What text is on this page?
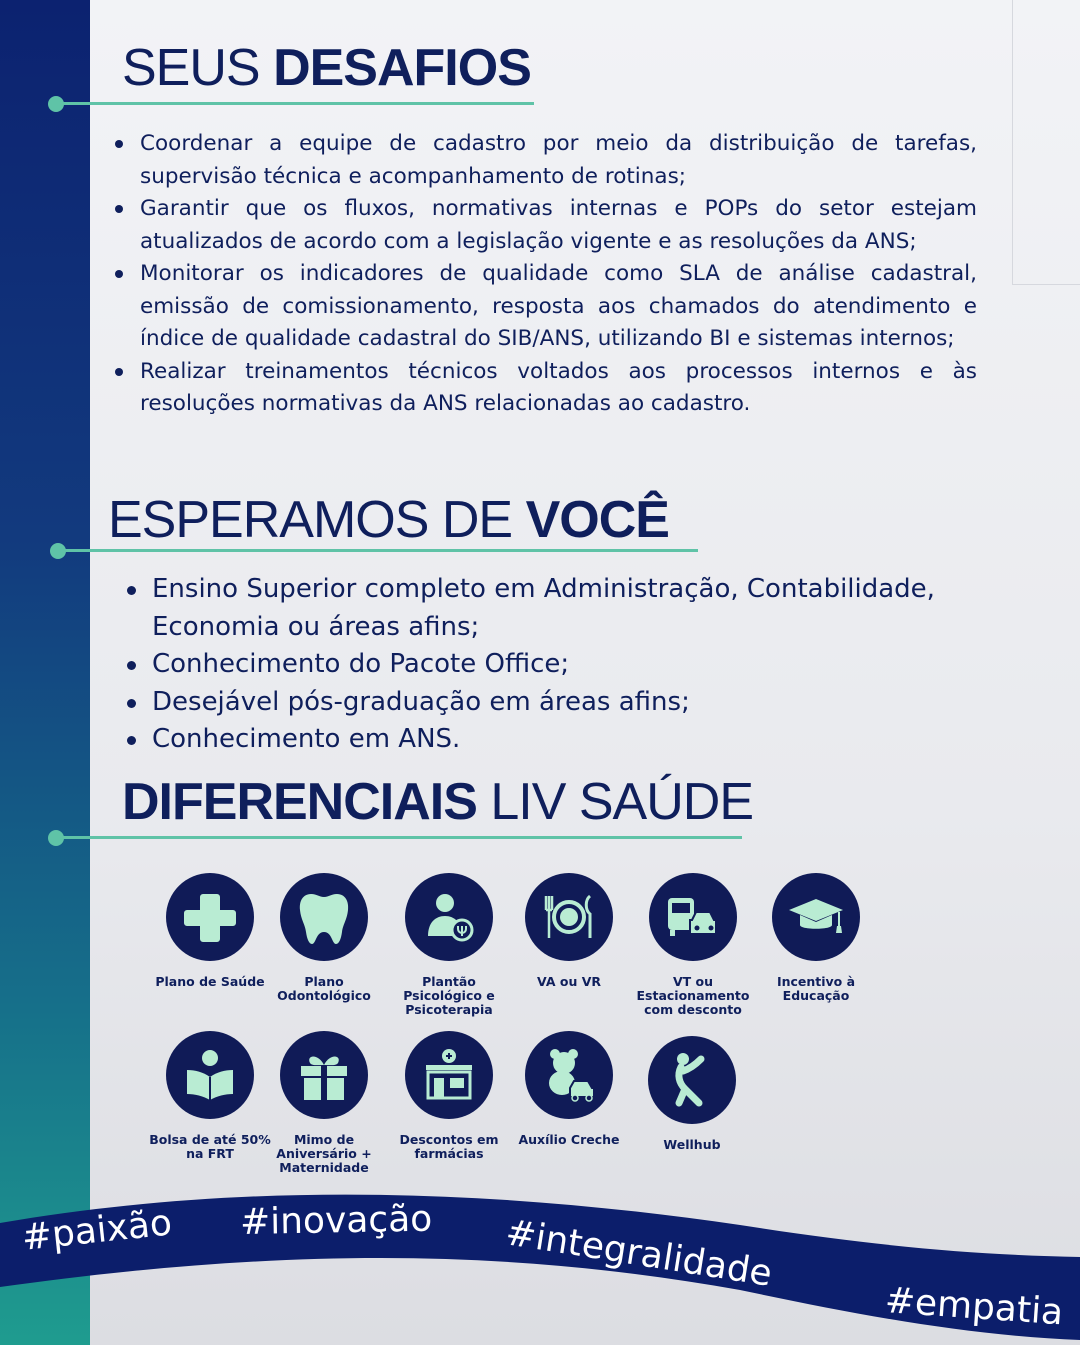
SEUS DESAFIOS
Coordenar a equipe de cadastro por meio da distribuição de tarefas, supervisão técnica e acompanhamento de rotinas;
Garantir que os fluxos, normativas internas e POPs do setor estejam atualizados de acordo com a legislação vigente e as resoluções da ANS;
Monitorar os indicadores de qualidade como SLA de análise cadastral, emissão de comissionamento, resposta aos chamados do atendimento e índice de qualidade cadastral do SIB/ANS, utilizando BI e sistemas internos;
Realizar treinamentos técnicos voltados aos processos internos e às resoluções normativas da ANS relacionadas ao cadastro.
ESPERAMOS DE VOCÊ
Ensino Superior completo em Administração, Contabilidade, Economia ou áreas afins;
Conhecimento do Pacote Office;
Desejável pós-graduação em áreas afins;
Conhecimento em ANS.
DIFERENCIAIS LIV SAÚDE
Plano de Saúde	Plano Odontológico
Plantão Psicológico e Psicoterapia
VA ou VR	VT ou Estacionamento com desconto
Incentivo à Educação
Bolsa de até 50% na FRT
Mimo de Aniversário + Maternidade
Descontos em farmácias
Auxílio Creche	Wellhub
#paixão #inovação #integralidade
#empatia
